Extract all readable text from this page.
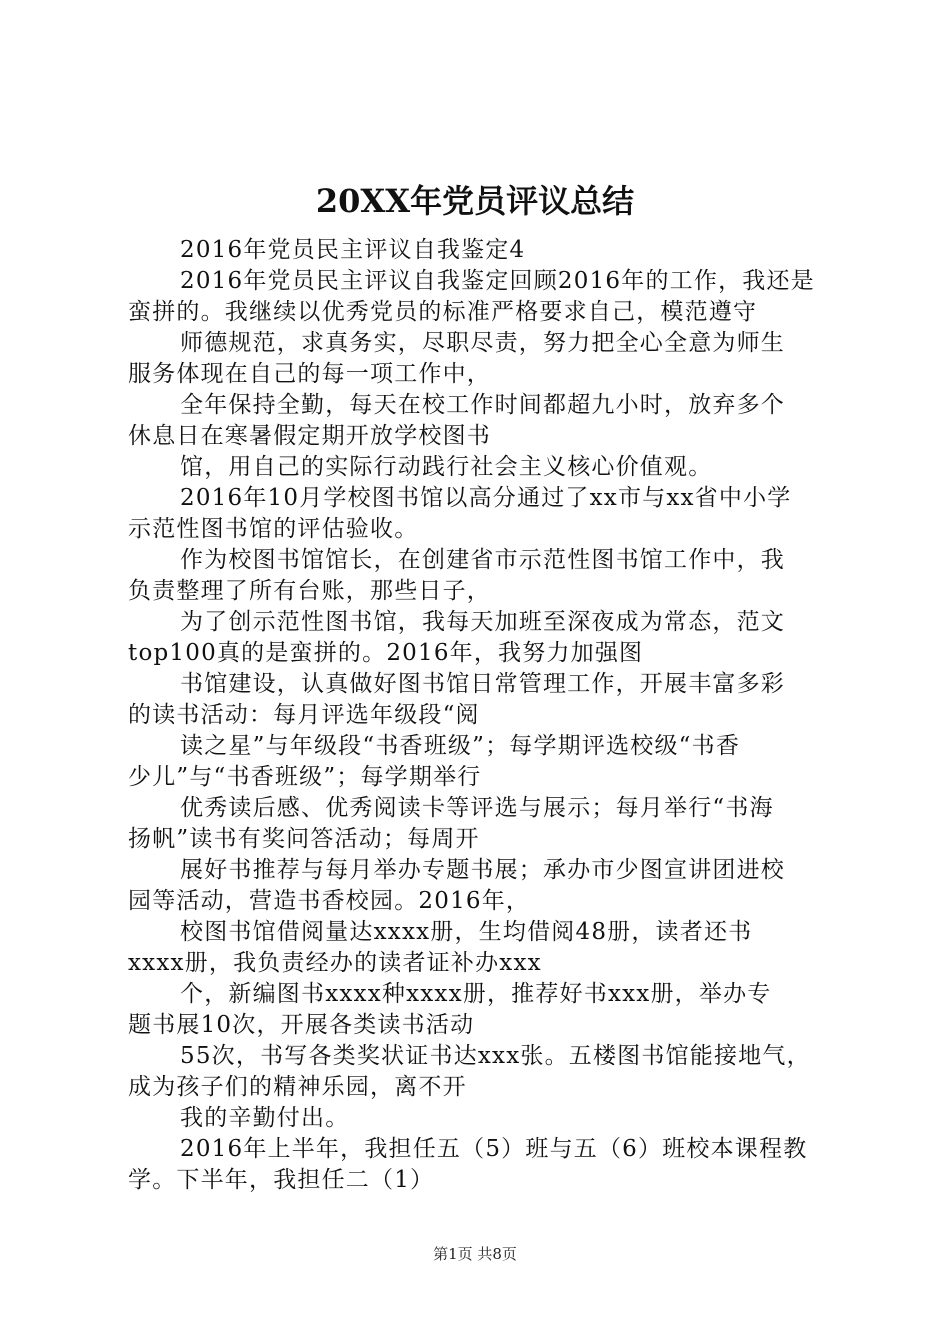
20XX年党员评议总结
2016年党员民主评议自我鉴定4
2016年党员民主评议自我鉴定回顾2016年的工作，我还是
蛮拼的。我继续以优秀党员的标准严格要求自己，模范遵守
师德规范，求真务实，尽职尽责，努力把全心全意为师生
服务体现在自己的每一项工作中，
全年保持全勤，每天在校工作时间都超九小时，放弃多个
休息日在寒暑假定期开放学校图书
馆，用自己的实际行动践行社会主义核心价值观。
2016年10月学校图书馆以高分通过了xx市与xx省中小学
示范性图书馆的评估验收。
作为校图书馆馆长，在创建省市示范性图书馆工作中，我
负责整理了所有台账，那些日子，
为了创示范性图书馆，我每天加班至深夜成为常态，范文
top100真的是蛮拼的。2016年，我努力加强图
书馆建设，认真做好图书馆日常管理工作，开展丰富多彩
的读书活动：每月评选年级段“阅
读之星”与年级段“书香班级”；每学期评选校级“书香
少儿”与“书香班级”；每学期举行
优秀读后感、优秀阅读卡等评选与展示；每月举行“书海
扬帆”读书有奖问答活动；每周开
展好书推荐与每月举办专题书展；承办市少图宣讲团进校
园等活动，营造书香校园。2016年，
校图书馆借阅量达xxxx册，生均借阅48册，读者还书
xxxx册，我负责经办的读者证补办xxx
个，新编图书xxxx种xxxx册，推荐好书xxx册，举办专
题书展10次，开展各类读书活动
55次，书写各类奖状证书达xxx张。五楼图书馆能接地气，
成为孩子们的精神乐园，离不开
我的辛勤付出。
2016年上半年，我担任五（5）班与五（6）班校本课程教
学。下半年，我担任二（1）
第1页 共8页
